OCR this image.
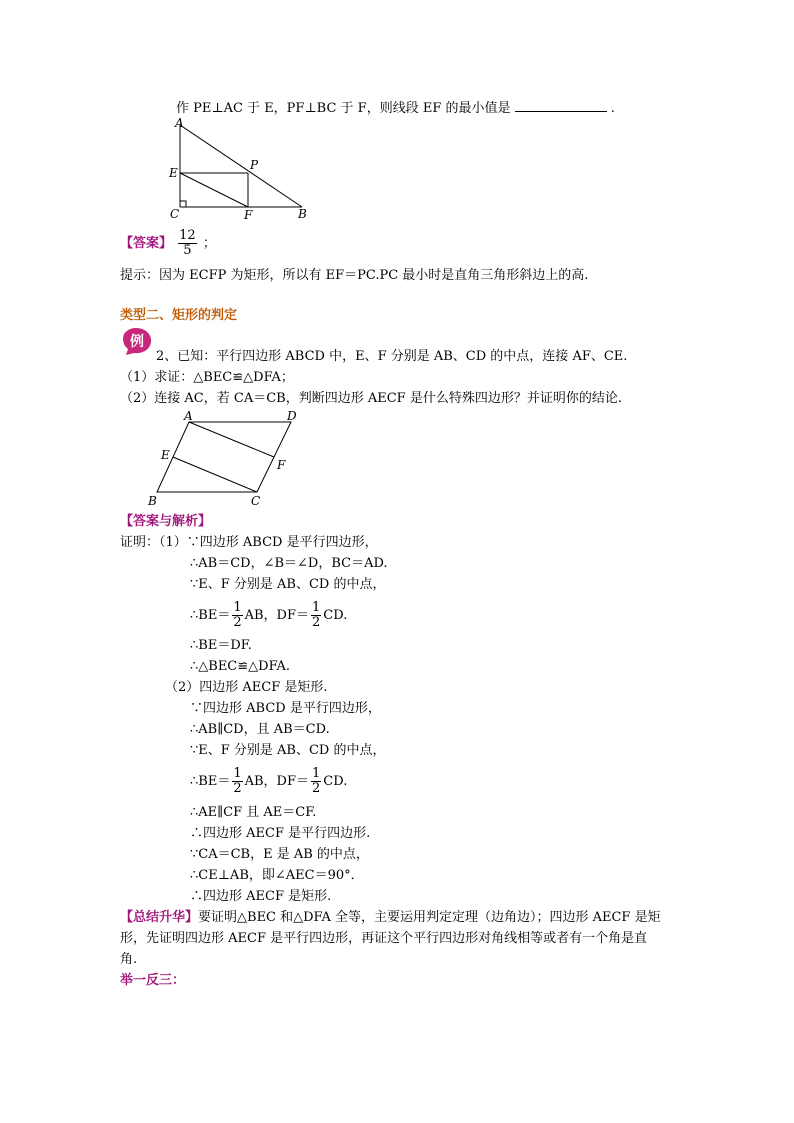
作 PE⊥AC 于 E，PF⊥BC 于 F，则线段 EF 的最小值是	.
A
E
P
C	F	B
【答案】 $\frac{12}{5}$ ；
提示：因为 ECFP 为矩形，所以有 EF＝PC.PC 最小时是直角三角形斜边上的高.
类型二、矩形的判定
例
2、已知：平行四边形 ABCD 中，E、F 分别是 AB、CD 的中点，连接 AF、CE.
（1）求证：△BEC≌△DFA；
（2）连接 AC，若 CA＝CB，判断四边形 AECF 是什么特殊四边形？并证明你的结论.
A	D
E
F
B	C
【答案与解析】
证明：（1）∵四边形 ABCD 是平行四边形，
∴AB＝CD，∠B＝∠D，BC＝AD.
∵E、F 分别是 AB、CD 的中点，
∴BE＝ $\frac{1}{2}$ AB，$DF= \frac{1}{2}$ CD.
∴BE＝DF.
∴△BEC≌△DFA.
（2）四边形 AECF 是矩形.
∵四边形 ABCD 是平行四边形，
∴AB∥CD，且 AB＝CD.
∵E、F 分别是 AB、CD 的中点，
∴BE＝ $\frac{1}{2}$ AB，$DF= \frac{1}{2}$ CD.
∴AE∥CF 且 AE＝CF.
∴四边形 AECF 是平行四边形.
∵CA＝CB，E 是 AB 的中点，
∴CE⊥AB，即∠AEC＝90°．
∴四边形 AECF 是矩形.
【总结升华】要证明△BEC 和△DFA 全等，主要运用判定定理（边角边）；四边形 AECF 是矩
形，先证明四边形 AECF 是平行四边形，再证这个平行四边形对角线相等或者有一个角是直
角.
举一反三：
